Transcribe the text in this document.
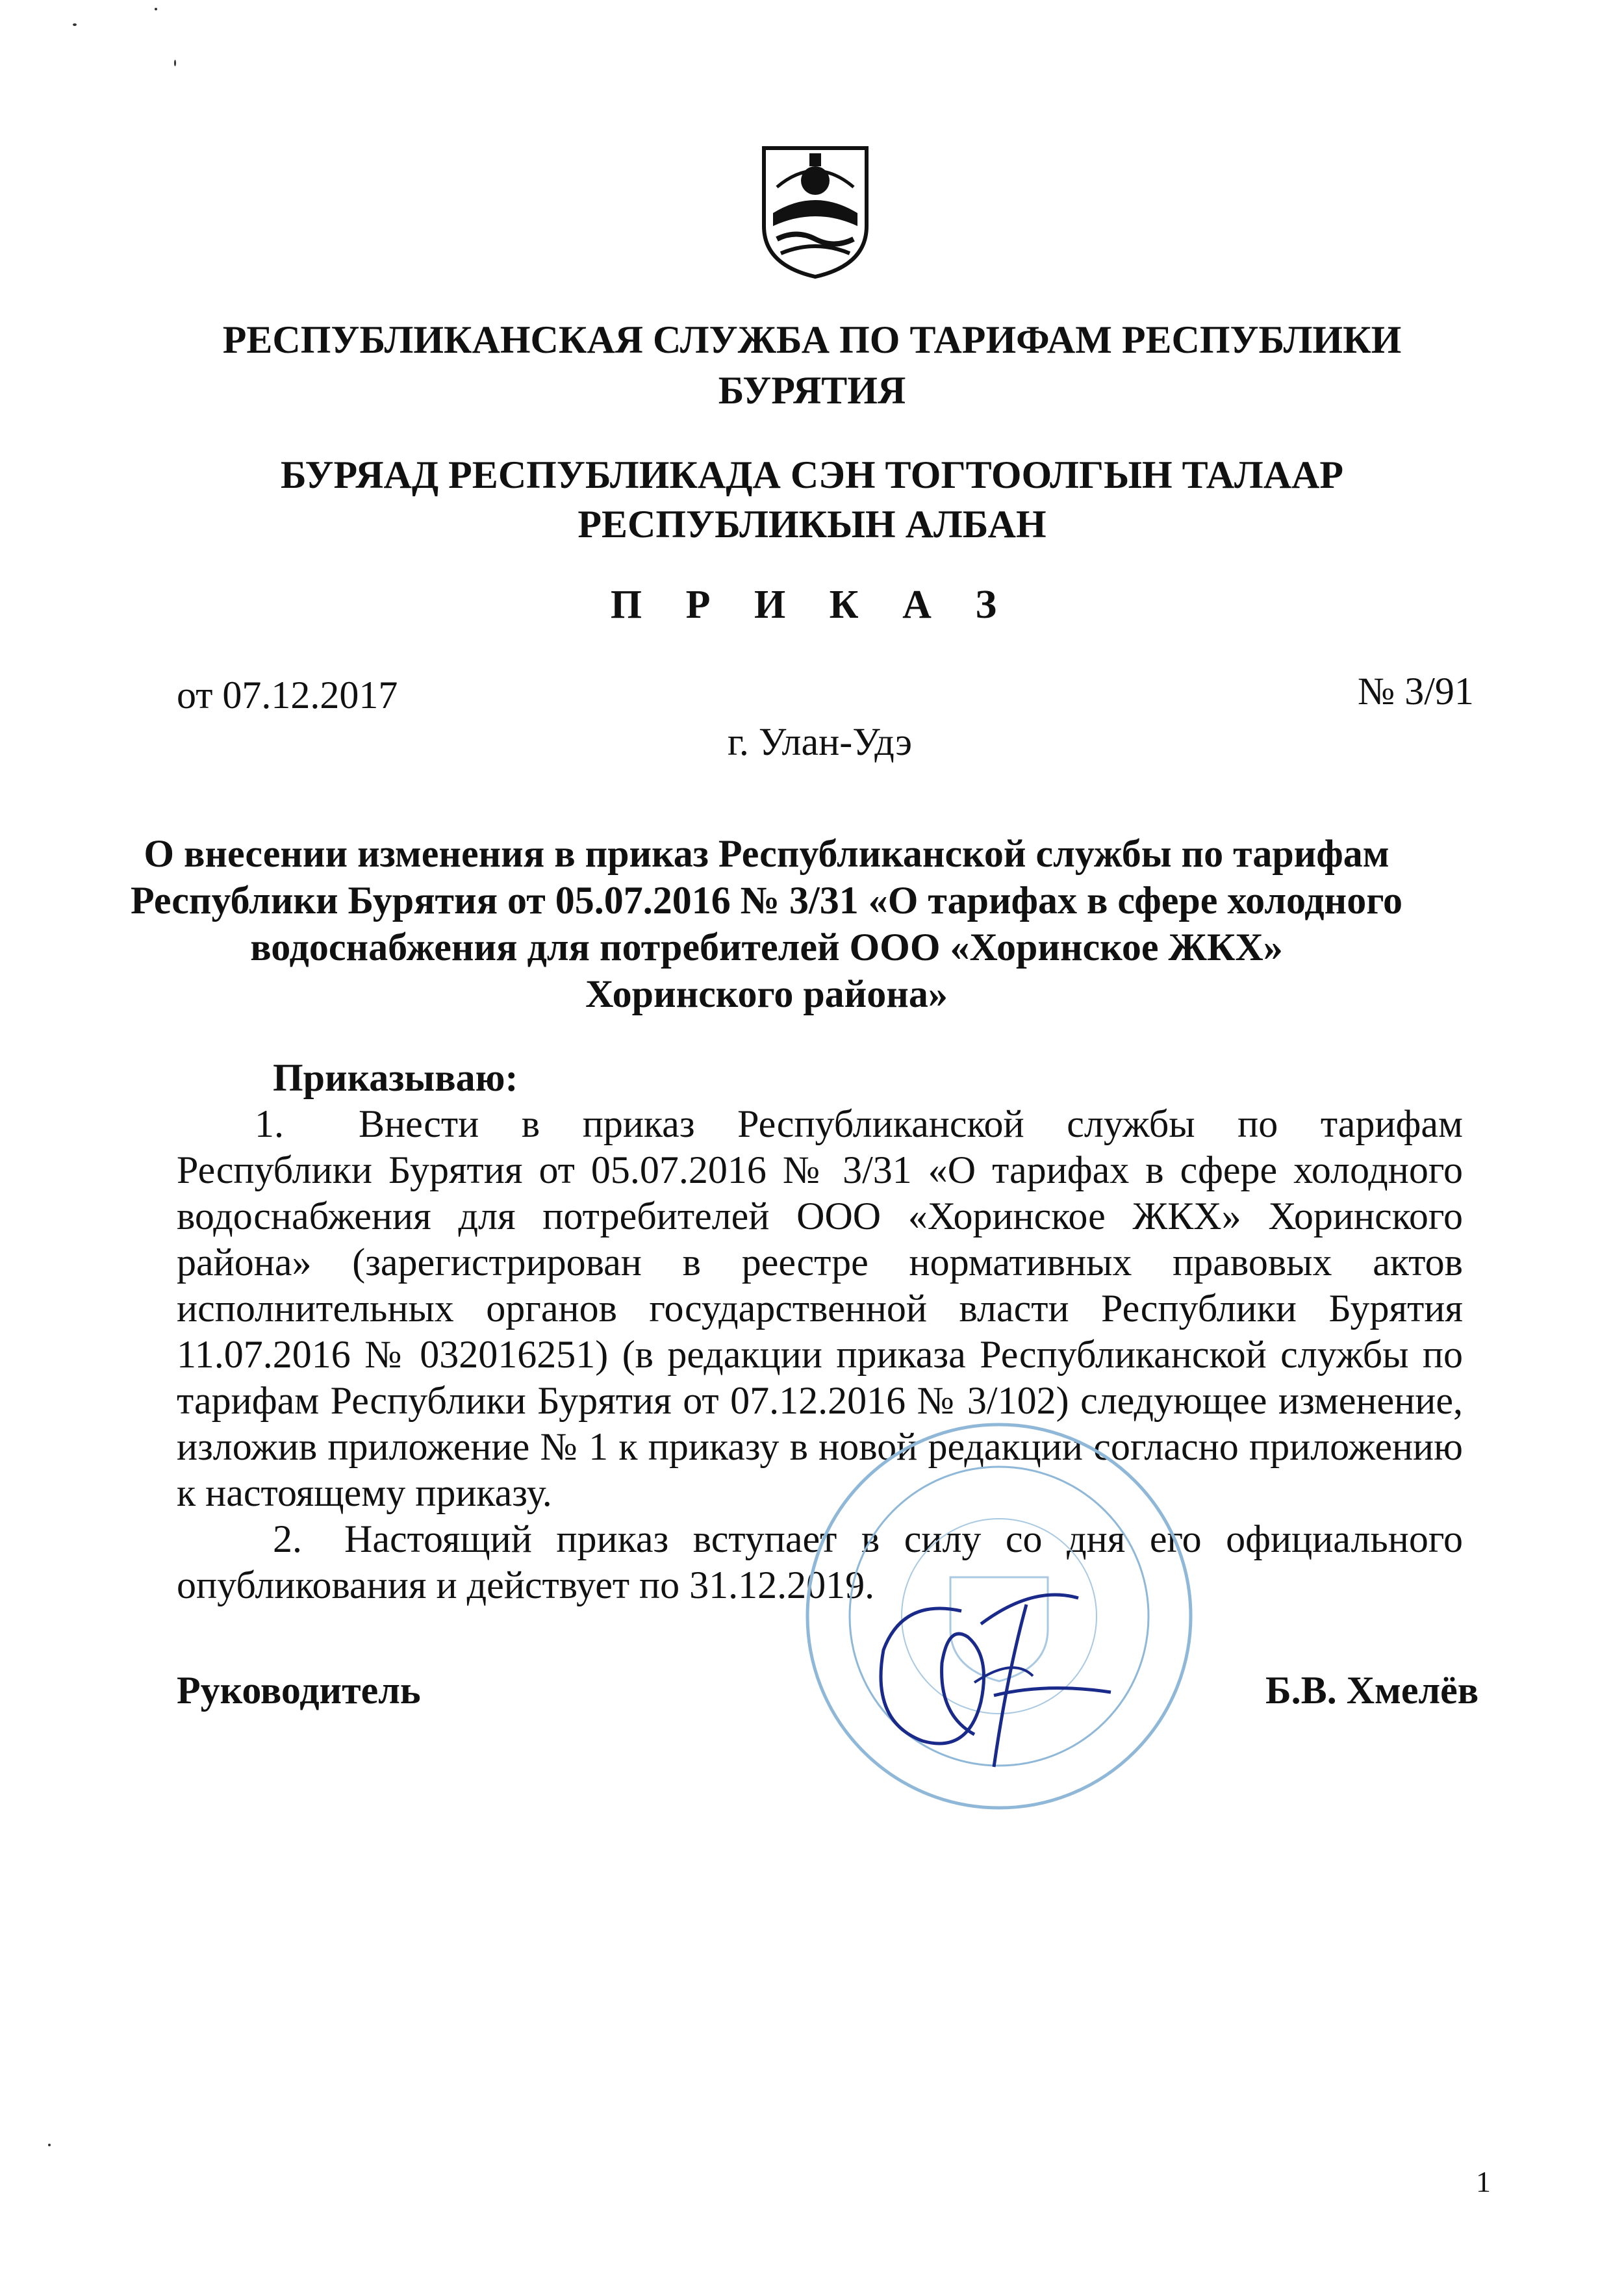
РЕСПУБЛИКАНСКАЯ СЛУЖБА ПО ТАРИФАМ РЕСПУБЛИКИ
БУРЯТИЯ
БУРЯАД РЕСПУБЛИКАДА СЭН ТОГТООЛГЫН ТАЛААР
РЕСПУБЛИКЫН АЛБАН
П Р И К А З
от 07.12.2017	№ 3/91
г. Улан-Удэ
О внесении изменения в приказ Республиканской службы по тарифам
Республики Бурятия от 05.07.2016 № 3/31 «О тарифах в сфере холодного
водоснабжения для потребителей ООО «Хоринское ЖКХ»
Хоринского района»

Приказываю:

1. Внести в приказ Республиканской службы по тарифам Республики Бурятия от 05.07.2016 № 3/31 «О тарифах в сфере холодного водоснабжения для потребителей ООО «Хоринское ЖКХ» Хоринского района» (зарегистрирован в реестре нормативных правовых актов исполнительных органов государственной власти Республики Бурятия 11.07.2016 № 032016251) (в редакции приказа Республиканской службы по тарифам Республики Бурятия от 07.12.2016 № 3/102) следующее изменение, изложив приложение № 1 к приказу в новой редакции согласно приложению к настоящему приказу.

2. Настоящий приказ вступает в силу со дня его официального опубликования и действует по 31.12.2019.

Руководитель	Б.В. Хмелёв
1
